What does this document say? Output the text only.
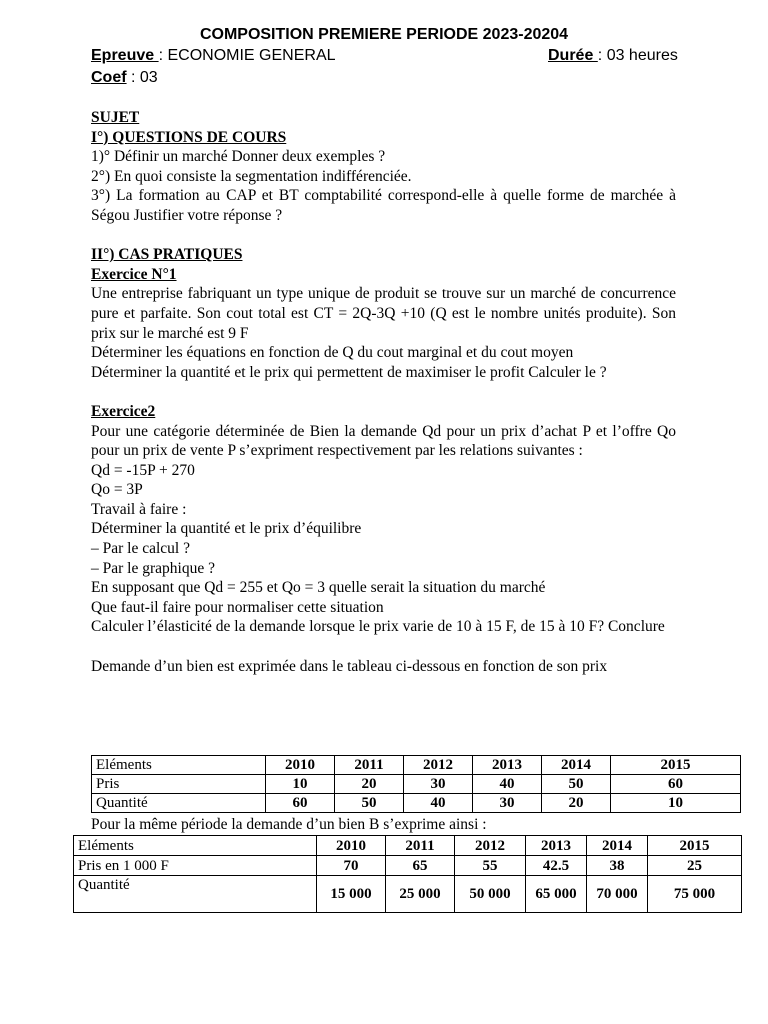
COMPOSITION PREMIERE PERIODE 2023-20204
Epreuve : ECONOMIE GENERAL	Durée : 03 heures
Coef : 03

SUJET

I°) QUESTIONS DE COURS

1)° Définir un marché Donner deux exemples ?

2°) En quoi consiste la segmentation indifférenciée.

3°) La formation au CAP et BT comptabilité correspond-elle à quelle forme de marchée à Ségou Justifier votre réponse ?

II°) CAS PRATIQUES

Exercice N°1

Une entreprise fabriquant un type unique de produit se trouve sur un marché de concurrence pure et parfaite. Son cout total est CT = 2Q-3Q +10 (Q est le nombre unités produite). Son prix sur le marché est 9 F

Déterminer les équations en fonction de Q du cout marginal et du cout moyen

Déterminer la quantité et le prix qui permettent de maximiser le profit Calculer le ?

Exercice2

Pour une catégorie déterminée de Bien la demande Qd pour un prix d’achat P et l’offre Qo pour un prix de vente P s’expriment respectivement par les relations suivantes :

Qd = -15P + 270

Qo = 3P

Travail à faire :

Déterminer la quantité et le prix d’équilibre

– Par le calcul ?

– Par le graphique ?

En supposant que Qd = 255 et Qo = 3 quelle serait la situation du marché

Que faut-il faire pour normaliser cette situation

Calculer l’élasticité de la demande lorsque le prix varie de 10 à 15 F, de 15 à 10 F? Conclure

Demande d’un bien est exprimée dans le tableau ci-dessous en fonction de son prix

Eléments	2010	2011	2012	2013	2014	2015
Pris	10	20	30	40	50	60
Quantité	60	50	40	30	20	10
Pour la même période la demande d’un bien B s’exprime ainsi :
Eléments	2010	2011	2012	2013	2014	2015
Pris en 1 000 F	70	65	55	42.5	38	25
Quantité	15 000	25 000	50 000	65 000	70 000	75 000
